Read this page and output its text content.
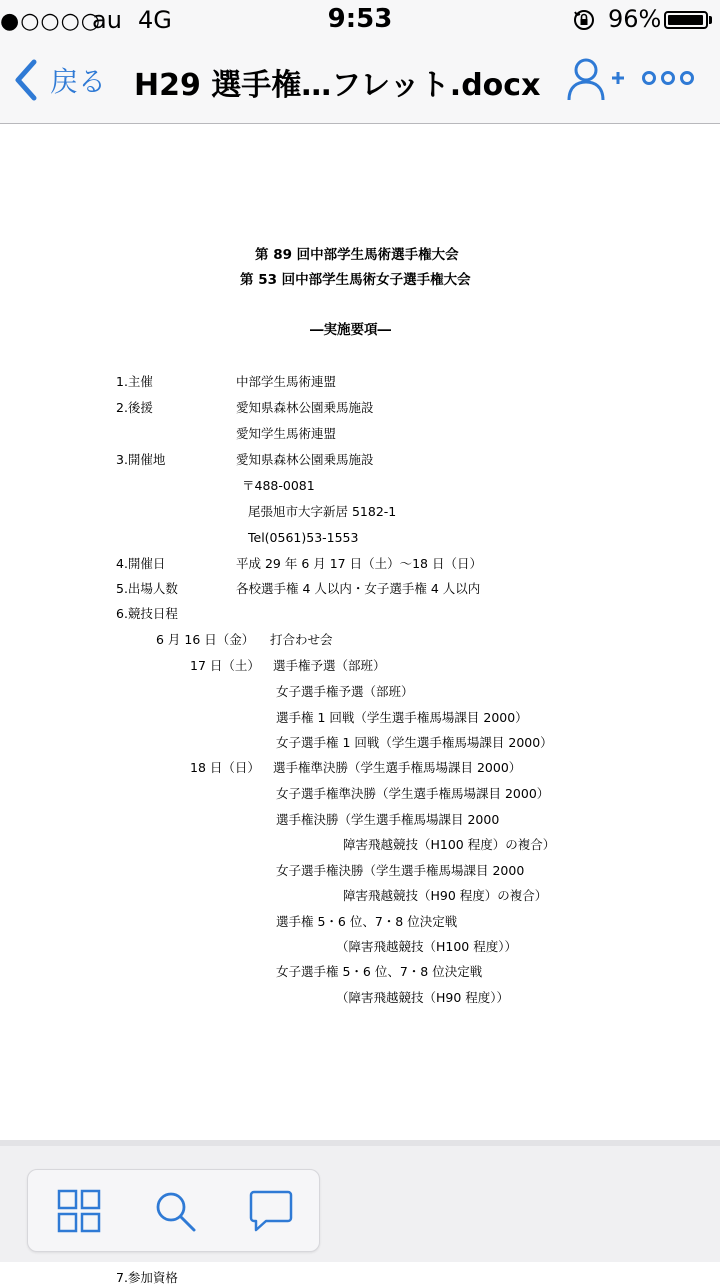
●○○○○
au 4G	9:53	96%
戻る H29 選手権…フレット.docx
第 89 回中部学生馬術選手権大会
第 53 回中部学生馬術女子選手権大会
―実施要項―
1.主催	中部学生馬術連盟
2.後援	愛知県森林公園乗馬施設
愛知学生馬術連盟
3.開催地	愛知県森林公園乗馬施設
〒488-0081
尾張旭市大字新居 5182-1
Tel(0561)53-1553
4.開催日	平成 29 年 6 月 17 日（土）～18 日（日）
5.出場人数	各校選手権 4 人以内・女子選手権 4 人以内
6.競技日程
6 月 16 日（金） 打合わせ会
17 日（土） 選手権予選（部班）
女子選手権予選（部班）
選手権 1 回戦（学生選手権馬場課目 2000）
女子選手権 1 回戦（学生選手権馬場課目 2000）
18 日（日） 選手権準決勝（学生選手権馬場課目 2000）
女子選手権準決勝（学生選手権馬場課目 2000）
選手権決勝（学生選手権馬場課目 2000
障害飛越競技（H100 程度）の複合）
女子選手権決勝（学生選手権馬場課目 2000
障害飛越競技（H90 程度）の複合）
選手権 5・6 位、7・8 位決定戦
（障害飛越競技（H100 程度））
女子選手権 5・6 位、7・8 位決定戦
（障害飛越競技（H90 程度））
7.参加資格
